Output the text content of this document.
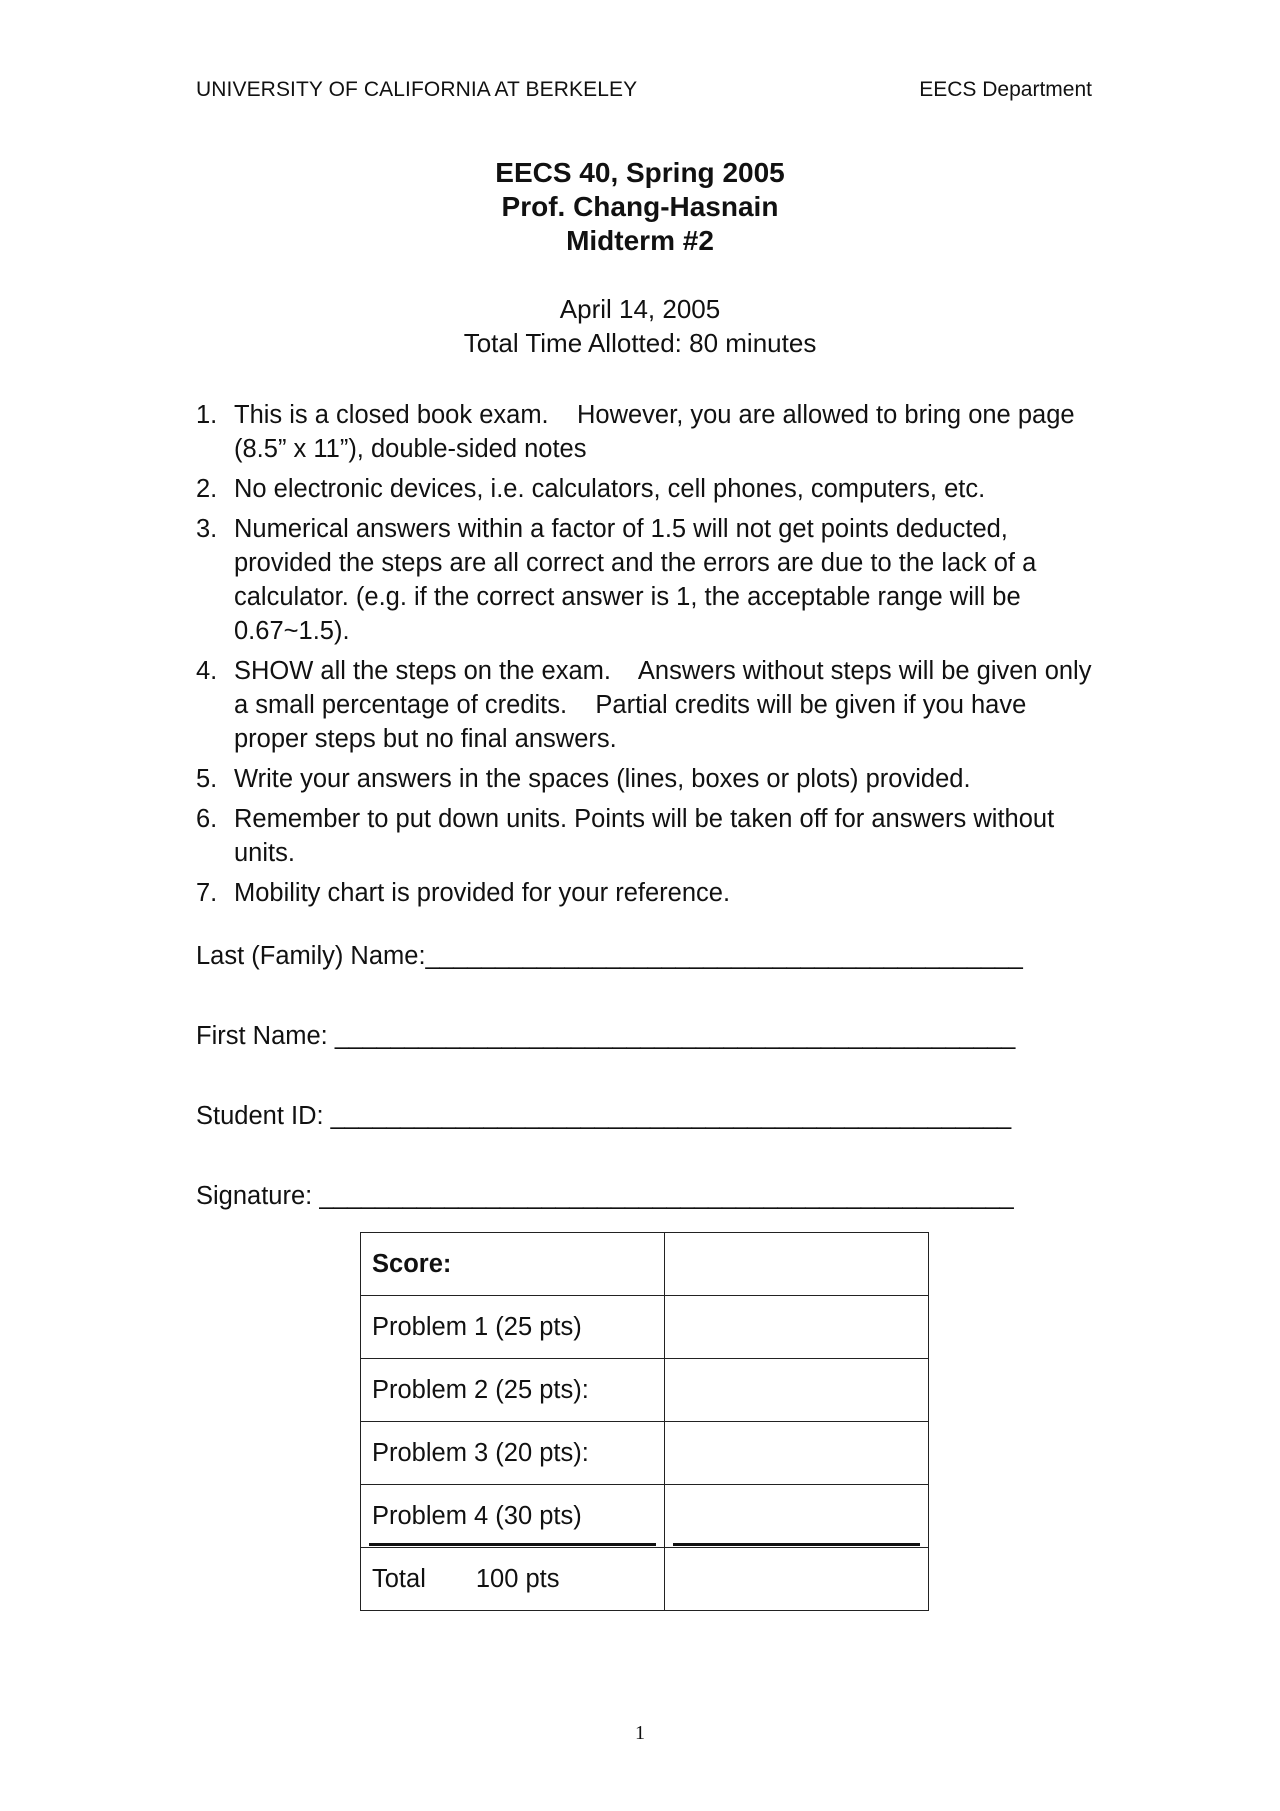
UNIVERSITY OF CALIFORNIA AT BERKELEY	EECS Department
EECS 40, Spring 2005
Prof. Chang-Hasnain
Midterm #2
April 14, 2005
Total Time Allotted: 80 minutes
1. This is a closed book exam.    However, you are allowed to bring one page (8.5” x 11”), double-sided notes
2. No electronic devices, i.e. calculators, cell phones, computers, etc.
3. Numerical answers within a factor of 1.5 will not get points deducted, provided the steps are all correct and the errors are due to the lack of a calculator. (e.g. if the correct answer is 1, the acceptable range will be 0.67~1.5).
4. SHOW all the steps on the exam.    Answers without steps will be given only a small percentage of credits.    Partial credits will be given if you have proper steps but no final answers.
5. Write your answers in the spaces (lines, boxes or plots) provided.
6. Remember to put down units. Points will be taken off for answers without units.
7. Mobility chart is provided for your reference.
Last (Family) Name:___________________________________________
First Name: _________________________________________________
Student ID: _________________________________________________
Signature: __________________________________________________
Score:	
Problem 1 (25 pts)	
Problem 2 (25 pts):	
Problem 3 (20 pts):	
Problem 4 (30 pts)

Total 100 pts	
1
